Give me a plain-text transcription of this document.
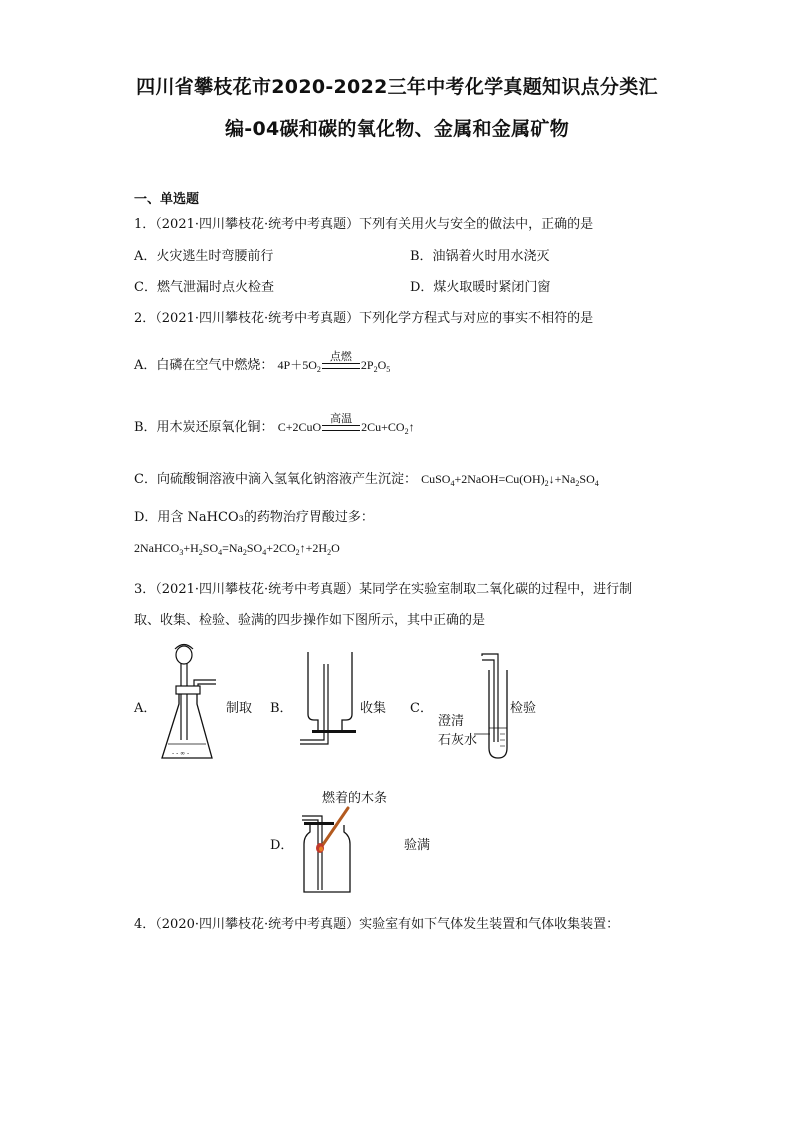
四川省攀枝花市2020-2022三年中考化学真题知识点分类汇
编-04碳和碳的氧化物、金属和金属矿物
一、单选题
1．（2021·四川攀枝花·统考中考真题）下列有关用火与安全的做法中，正确的是
A．火灾逃生时弯腰前行	B．油锅着火时用水浇灭
C．燃气泄漏时点火检查	D．煤火取暖时紧闭门窗
2．（2021·四川攀枝花·统考中考真题）下列化学方程式与对应的事实不相符的是
A．白磷在空气中燃烧： $4P+5O_2$
点燃
$2P_2O_5$
B．用木炭还原氧化铜： C+2CuO
高温
$2Cu+CO_2↑$
C．向硫酸铜溶液中滴入氢氧化钠溶液产生沉淀： $CuSO_4+2NaOH=Cu(OH)_2↓+Na_2SO_4$
D．用含 NaHCO₃的药物治疗胃酸过多：
$2NaHCO_3+H_2SO_4=Na_2SO_4+2CO_2↑+2H_2O$
3．（2021·四川攀枝花·统考中考真题）某同学在实验室制取二氧化碳的过程中，进行制
取、收集、检验、验满的四步操作如下图所示，其中正确的是
A．
- - ∞ -
制取 B．	收集 C．
澄清
石灰水
检验
燃着的木条
D．	验满
4．（2020·四川攀枝花·统考中考真题）实验室有如下气体发生装置和气体收集装置：
